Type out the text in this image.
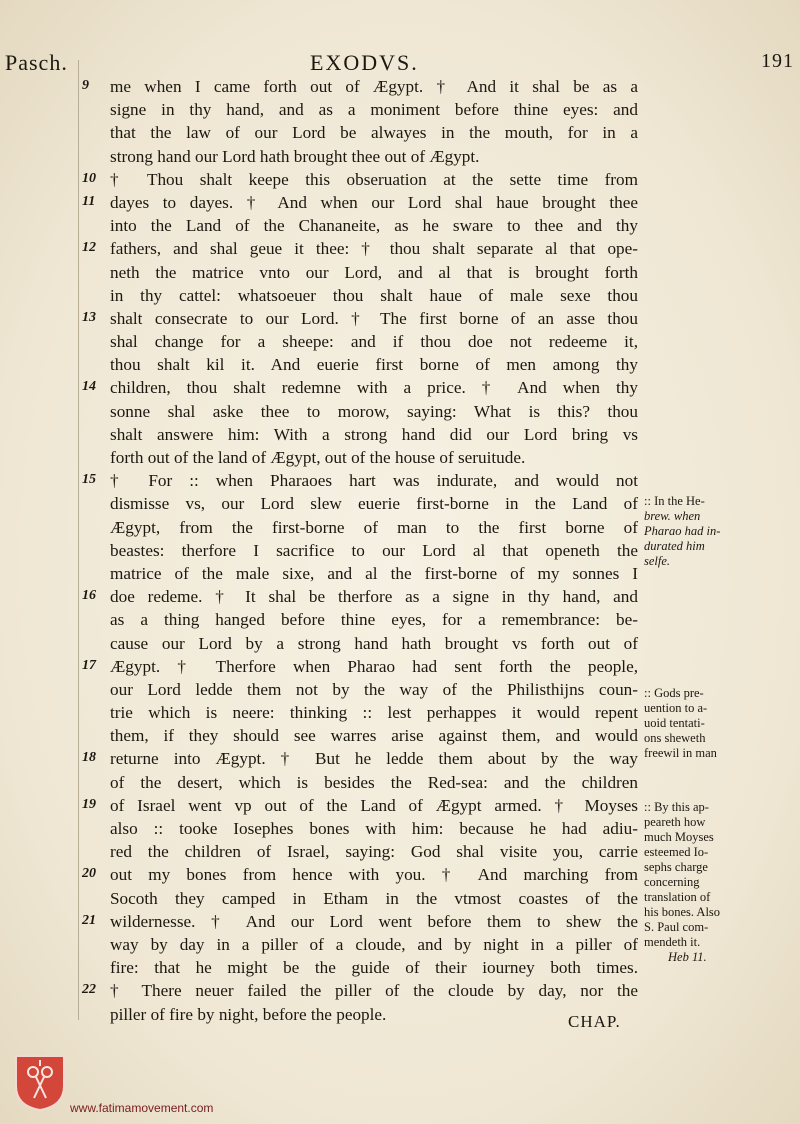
Pasch.	EXODVS.	191
9	me when I came forth out of Ægypt. † And it shal be as a
signe in thy hand, and as a moniment before thine eyes: and
that the law of our Lord be alwayes in the mouth, for in a
strong hand our Lord hath brought thee out of Ægypt.
10 † Thou shalt keepe this obseruation at the sette time from
11 dayes to dayes. † And when our Lord shal haue brought thee
into the Land of the Chananeite, as he sware to thee and thy
12 fathers, and shal geue it thee: † thou shalt separate al that ope-
neth the matrice vnto our Lord, and al that is brought forth
in thy cattel: whatsoeuer thou shalt haue of male sexe thou
13 shalt consecrate to our Lord. † The first borne of an asse thou
shal change for a sheepe: and if thou doe not redeeme it,
thou shalt kil it. And euerie first borne of men among thy
14 children, thou shalt redemne with a price. † And when thy
sonne shal aske thee to morow, saying: What is this? thou
shalt answere him: With a strong hand did our Lord bring vs
forth out of the land of Ægypt, out of the house of seruitude.
15 † For :: when Pharaoes hart was indurate, and would not
dismisse vs, our Lord slew euerie first-borne in the Land of
Ægypt, from the first-borne of man to the first borne of
beastes: therfore I sacrifice to our Lord al that openeth the
matrice of the male sixe, and al the first-borne of my sonnes I
16 doe redeme. † It shal be therfore as a signe in thy hand, and
as a thing hanged before thine eyes, for a remembrance: be-
cause our Lord by a strong hand hath brought vs forth out of
17 Ægypt. † Therfore when Pharao had sent forth the people,
our Lord ledde them not by the way of the Philisthijns coun-
trie which is neere: thinking :: lest perhappes it would repent
them, if they should see warres arise against them, and would
18 returne into Ægypt. † But he ledde them about by the way
of the desert, which is besides the Red-sea: and the children
19 of Israel went vp out of the Land of Ægypt armed. † Moyses
also :: tooke Iosephes bones with him: because he had adiu-
red the children of Israel, saying: God shal visite you, carrie
20 out my bones from hence with you. † And marching from
Socoth they camped in Etham in the vtmost coastes of the
21 wildernesse. † And our Lord went before them to shew the
way by day in a piller of a cloude, and by night in a piller of
fire: that he might be the guide of their iourney both times.
22 † There neuer failed the piller of the cloude by day, nor the
piller of fire by night, before the people.
:: In the He-
brew. when
Pharao had in-
durated him
selfe.
:: Gods pre-
uention to a-
uoid tentati-
ons sheweth
freewil in man
:: By this ap-
peareth how
much Moyses
esteemed Io-
sephs charge
concerning
translation of
his bones. Also
S. Paul com-
mendeth it.
Heb 11.
CHAP.
www.fatimamovement.com
